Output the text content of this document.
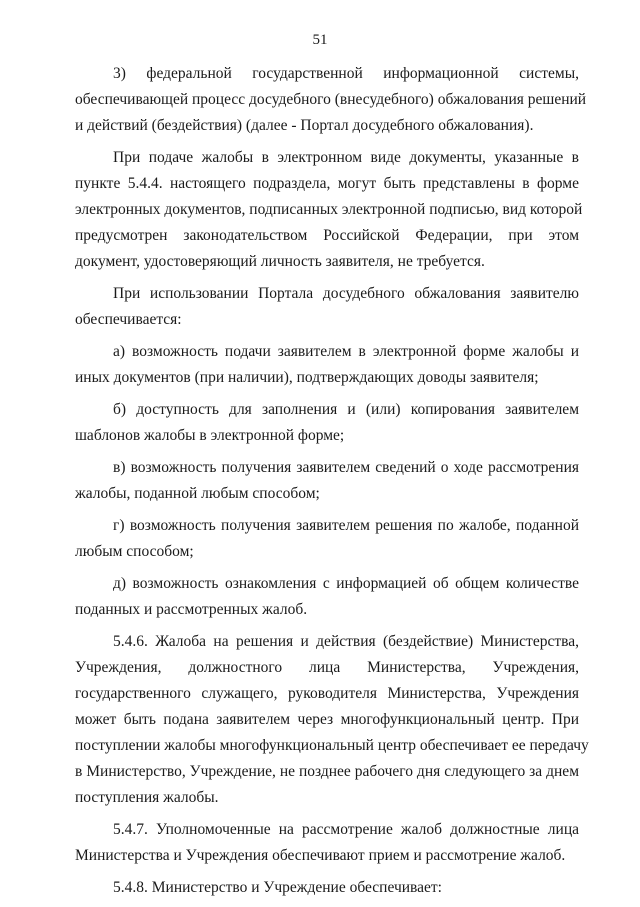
51

3) федеральной государственной информационной системы,
обеспечивающей процесс досудебного (внесудебного) обжалования решений
и действий (бездействия) (далее - Портал досудебного обжалования).

При подаче жалобы в электронном виде документы, указанные в
пункте 5.4.4. настоящего подраздела, могут быть представлены в форме
электронных документов, подписанных электронной подписью, вид которой
предусмотрен законодательством Российской Федерации, при этом
документ, удостоверяющий личность заявителя, не требуется.

При использовании Портала досудебного обжалования заявителю
обеспечивается:

а) возможность подачи заявителем в электронной форме жалобы и
иных документов (при наличии), подтверждающих доводы заявителя;

б) доступность для заполнения и (или) копирования заявителем
шаблонов жалобы в электронной форме;

в) возможность получения заявителем сведений о ходе рассмотрения
жалобы, поданной любым способом;

г) возможность получения заявителем решения по жалобе, поданной
любым способом;

д) возможность ознакомления с информацией об общем количестве
поданных и рассмотренных жалоб.

5.4.6. Жалоба на решения и действия (бездействие) Министерства,
Учреждения, должностного лица Министерства, Учреждения,
государственного служащего, руководителя Министерства, Учреждения
может быть подана заявителем через многофункциональный центр. При
поступлении жалобы многофункциональный центр обеспечивает ее передачу
в Министерство, Учреждение, не позднее рабочего дня следующего за днем
поступления жалобы.

5.4.7. Уполномоченные на рассмотрение жалоб должностные лица
Министерства и Учреждения обеспечивают прием и рассмотрение жалоб.

5.4.8. Министерство и Учреждение обеспечивает:
